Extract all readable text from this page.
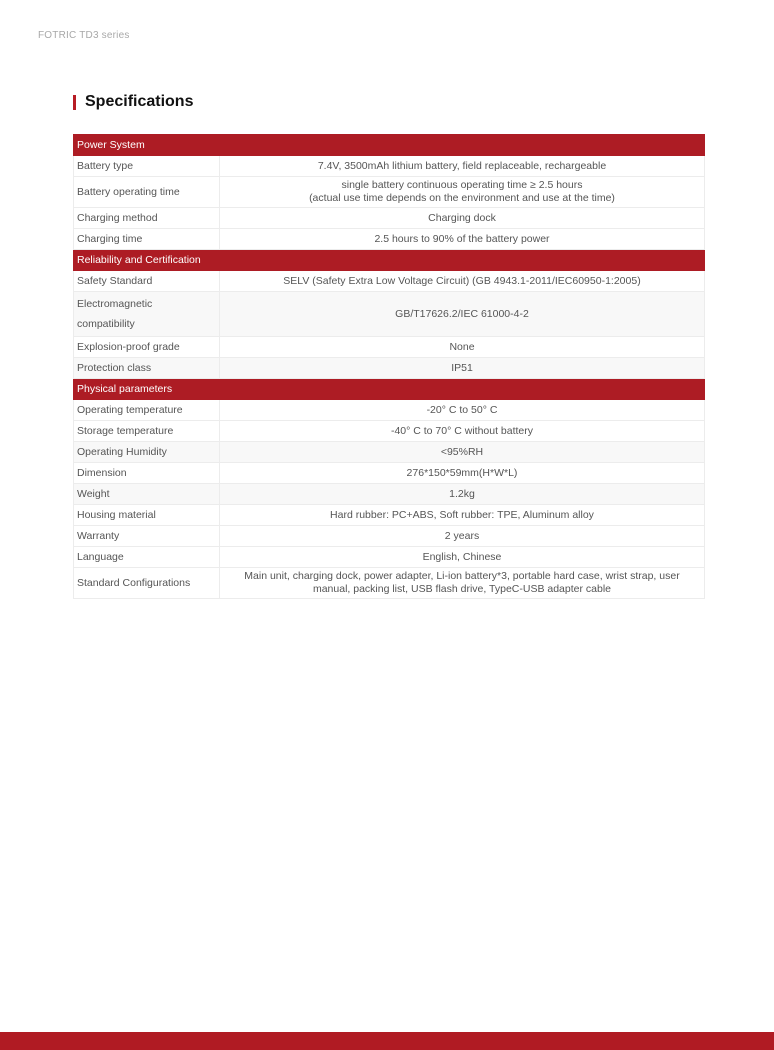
FOTRIC TD3 series
Specifications
Power System	
Battery type	7.4V, 3500mAh lithium battery, field replaceable, rechargeable
Battery operating time	single battery continuous operating time ≥ 2.5 hours
(actual use time depends on the environment and use at the time)

Charging method	Charging dock
Charging time	2.5 hours to 90% of the battery power
Reliability and Certification	
Safety Standard	SELV (Safety Extra Low Voltage Circuit) (GB 4943.1-2011/IEC60950-1:2005)

Electromagnetic
compatibility	GB/T17626.2/IEC 61000-4-2
Explosion-proof grade	None
Protection class	IP51
Physical parameters	
Operating temperature	-20° C to 50° C
Storage temperature	-40° C to 70° C without battery
Operating Humidity	<95%RH
Dimension	276*150*59mm(H*W*L)
Weight	1.2kg
Housing material	Hard rubber: PC+ABS, Soft rubber: TPE, Aluminum alloy
Warranty	2 years
Language	English, Chinese
Standard Configurations	Main unit, charging dock, power adapter, Li-ion battery*3, portable hard case, wrist strap, user
manual, packing list, USB flash drive, TypeC-USB adapter cable
